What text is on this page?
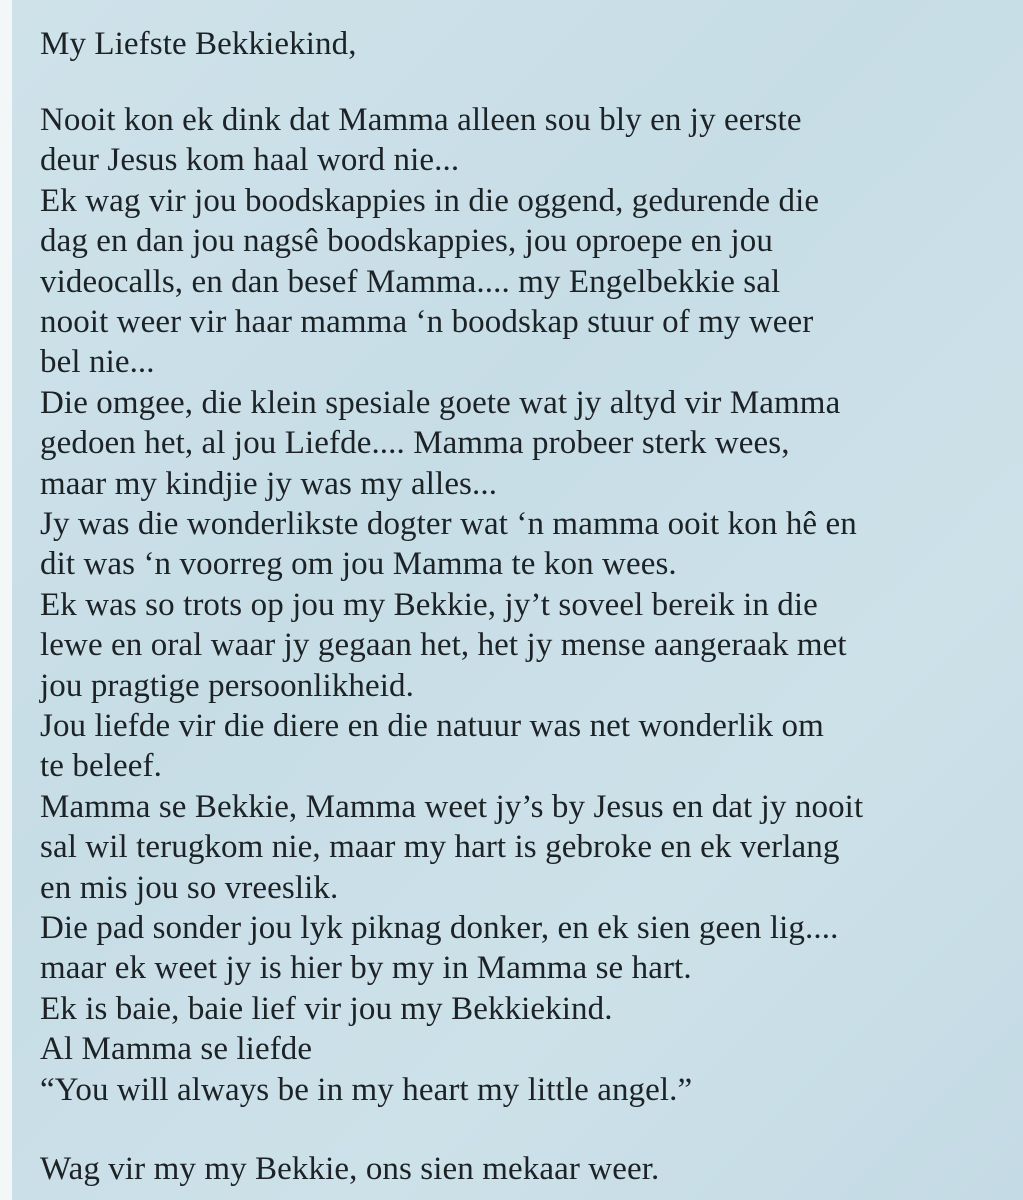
My Liefste Bekkiekind,
Nooit kon ek dink dat Mamma alleen sou bly en jy eerste
deur Jesus kom haal word nie...
Ek wag vir jou boodskappies in die oggend, gedurende die
dag en dan jou nagsê boodskappies, jou oproepe en jou
videocalls, en dan besef Mamma.... my Engelbekkie sal
nooit weer vir haar mamma ‘n boodskap stuur of my weer
bel nie...
Die omgee, die klein spesiale goete wat jy altyd vir Mamma
gedoen het, al jou Liefde.... Mamma probeer sterk wees,
maar my kindjie jy was my alles...
Jy was die wonderlikste dogter wat ‘n mamma ooit kon hê en
dit was ‘n voorreg om jou Mamma te kon wees.
Ek was so trots op jou my Bekkie, jy’t soveel bereik in die
lewe en oral waar jy gegaan het, het jy mense aangeraak met
jou pragtige persoonlikheid.
Jou liefde vir die diere en die natuur was net wonderlik om
te beleef.
Mamma se Bekkie, Mamma weet jy’s by Jesus en dat jy nooit
sal wil terugkom nie, maar my hart is gebroke en ek verlang
en mis jou so vreeslik.
Die pad sonder jou lyk piknag donker, en ek sien geen lig....
maar ek weet jy is hier by my in Mamma se hart.
Ek is baie, baie lief vir jou my Bekkiekind.
Al Mamma se liefde
“You will always be in my heart my little angel.”
Wag vir my my Bekkie, ons sien mekaar weer.
